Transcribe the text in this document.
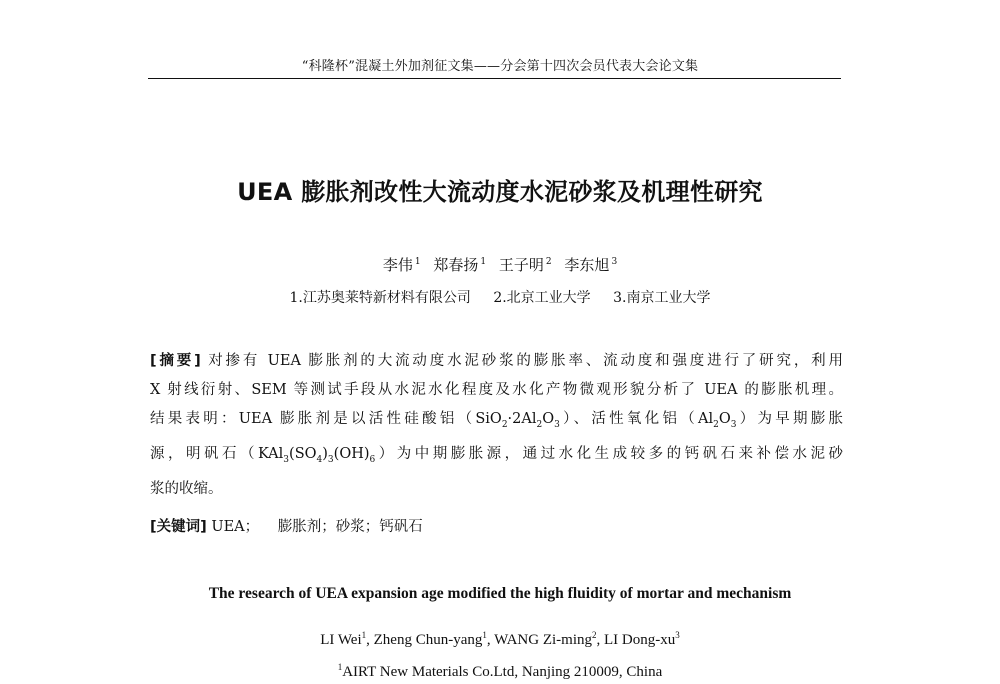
“科隆杯”混凝土外加剂征文集——分会第十四次会员代表大会论文集
UEA 膨胀剂改性大流动度水泥砂浆及机理性研究
李伟 $^1$ 郑春扬 $^1$ 王子明 $^2$ 李东旭 $^3$
1.江苏奥莱特新材料有限公司 2.北京工业大学 3.南京工业大学
[摘要] 对掺有 UEA 膨胀剂的大流动度水泥砂浆的膨胀率、流动度和强度进行了研究，利用
X 射线衍射、SEM 等测试手段从水泥水化程度及水化产物微观形貌分析了 UEA 的膨胀机理。
结果表明：UEA 膨胀剂是以活性硅酸铝$(SiO_2\cdot 2Al_2O_3)$、活性氧化铝$(Al_2O_3)$为早期膨胀
源，明矾石$(KAl_3(SO_4)_3(OH)_6)$为中期膨胀源，通过水化生成较多的钙矾石来补偿水泥砂
浆的收缩。
[关键词] UEA； 膨胀剂；砂浆；钙矾石
The research of UEA expansion age modified the high fluidity of mortar and mechanism
LI Wei$^1$, Zheng Chun-yang$^1$, WANG Zi-ming$^2$, LI Dong-$xu^3$
$^1$AIRT New Materials Co.Ltd, Nanjing 210009, China
